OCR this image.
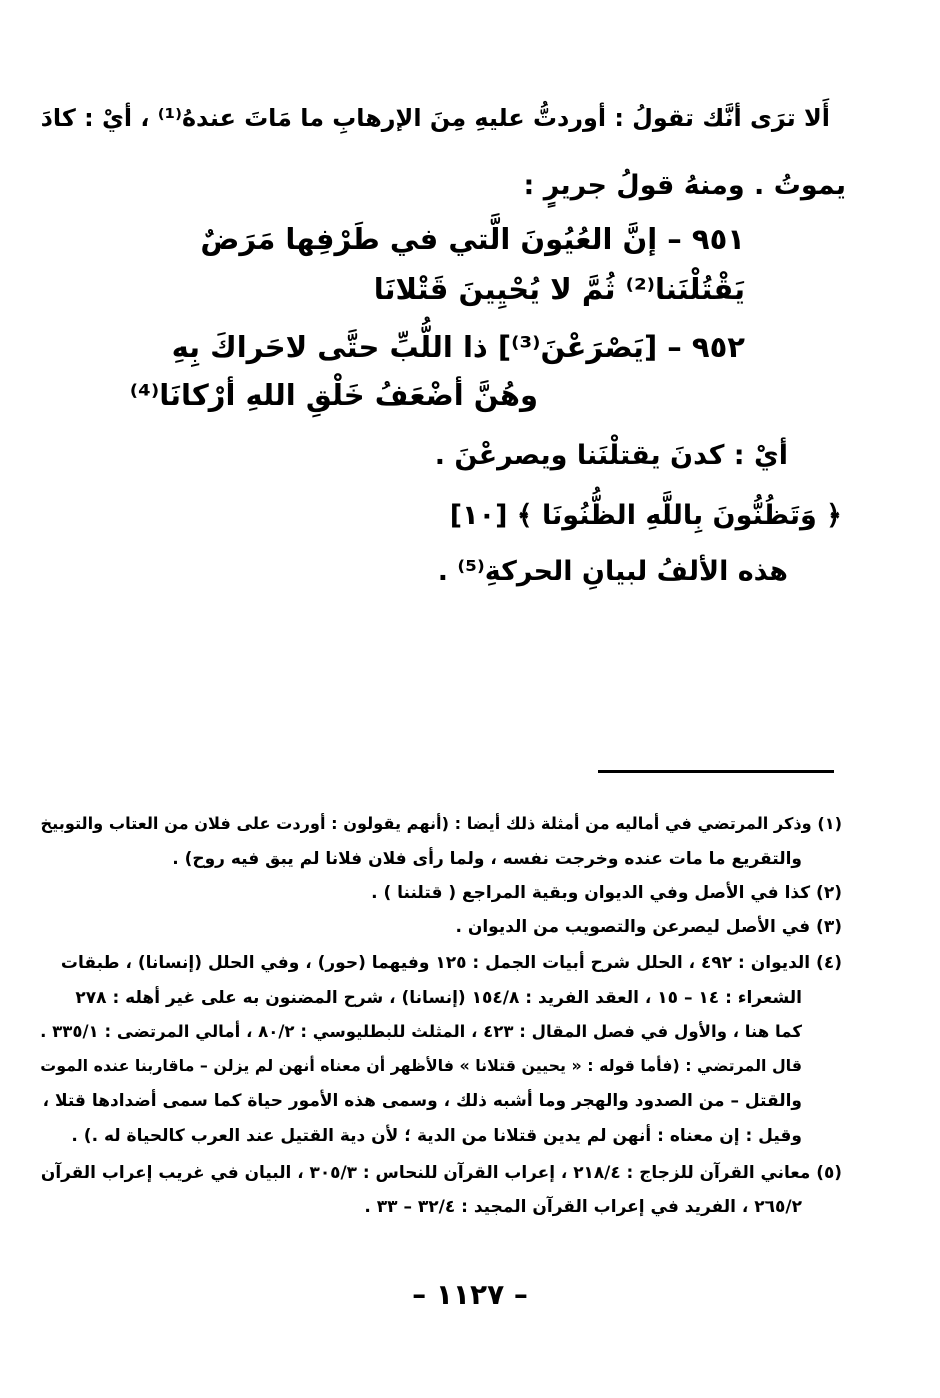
أَلا ترَى أنَّك تقولُ : أوردتُّ عليهِ مِنَ الإرهابِ ما مَاتَ عندهُ⁽¹⁾ ، أيْ : كادَ
يموتُ . ومنهُ قولُ جريرٍ :
٩٥١ – إنَّ العُيُونَ الَّتي في طَرْفِها مَرَضٌ
يَقْتُلْنَنا⁽²⁾ ثُمَّ لا يُحْيِينَ قَتْلانَا
٩٥٢ – [يَصْرَعْنَ⁽³⁾] ذا اللُّبِّ حتَّى لاحَراكَ بِهِ
وهُنَّ أضْعَفُ خَلْقِ اللهِ أرْكانَا⁽⁴⁾
أيْ : كدنَ يقتلْنَنا ويصرعْنَ .
﴿ وَتَظُنُّونَ بِاللَّهِ الظُّنُونَا ﴾ [١٠]
هذه الألفُ لبيانِ الحركةِ⁽⁵⁾ .
(١) وذكر المرتضي في أماليه من أمثلة ذلك أيضا : (أنهم يقولون : أوردت على فلان من العتاب والتوبيخ
والتقريع ما مات عنده وخرجت نفسه ، ولما رأى فلان فلانا لم يبق فيه روح) .
(٢) كذا في الأصل وفي الديوان وبقية المراجع ( قتلننا ) .
(٣) في الأصل ليصرعن والتصويب من الديوان .
(٤) الديوان : ٤٩٢ ، الحلل شرح أبيات الجمل : ١٢٥ وفيهما (حور) ، وفي الحلل (إنسانا) ، طبقات
الشعراء : ١٤ – ١٥ ، العقد الفريد : ١٥٤/٨ (إنسانا) ، شرح المضنون به على غير أهله : ٢٧٨
كما هنا ، والأول في فصل المقال : ٤٢٣ ، المثلث للبطليوسي : ٨٠/٢ ، أمالي المرتضى : ٣٣٥/١ .
قال المرتضي : (فأما قوله : « يحيين قتلانا » فالأظهر أن معناه أنهن لم يزلن – ماقاربنا عنده الموت
والقتل – من الصدود والهجر وما أشبه ذلك ، وسمى هذه الأمور حياة كما سمى أضدادها قتلا ،
وقيل : إن معناه : أنهن لم يدين قتلانا من الدية ؛ لأن دية القتيل عند العرب كالحياة له .) .
(٥) معاني القرآن للزجاج : ٢١٨/٤ ، إعراب القرآن للنحاس : ٣٠٥/٣ ، البيان في غريب إعراب القرآن
٢٦٥/٢ ، الفريد في إعراب القرآن المجيد : ٣٢/٤ – ٣٣ .
– ١١٢٧ –
